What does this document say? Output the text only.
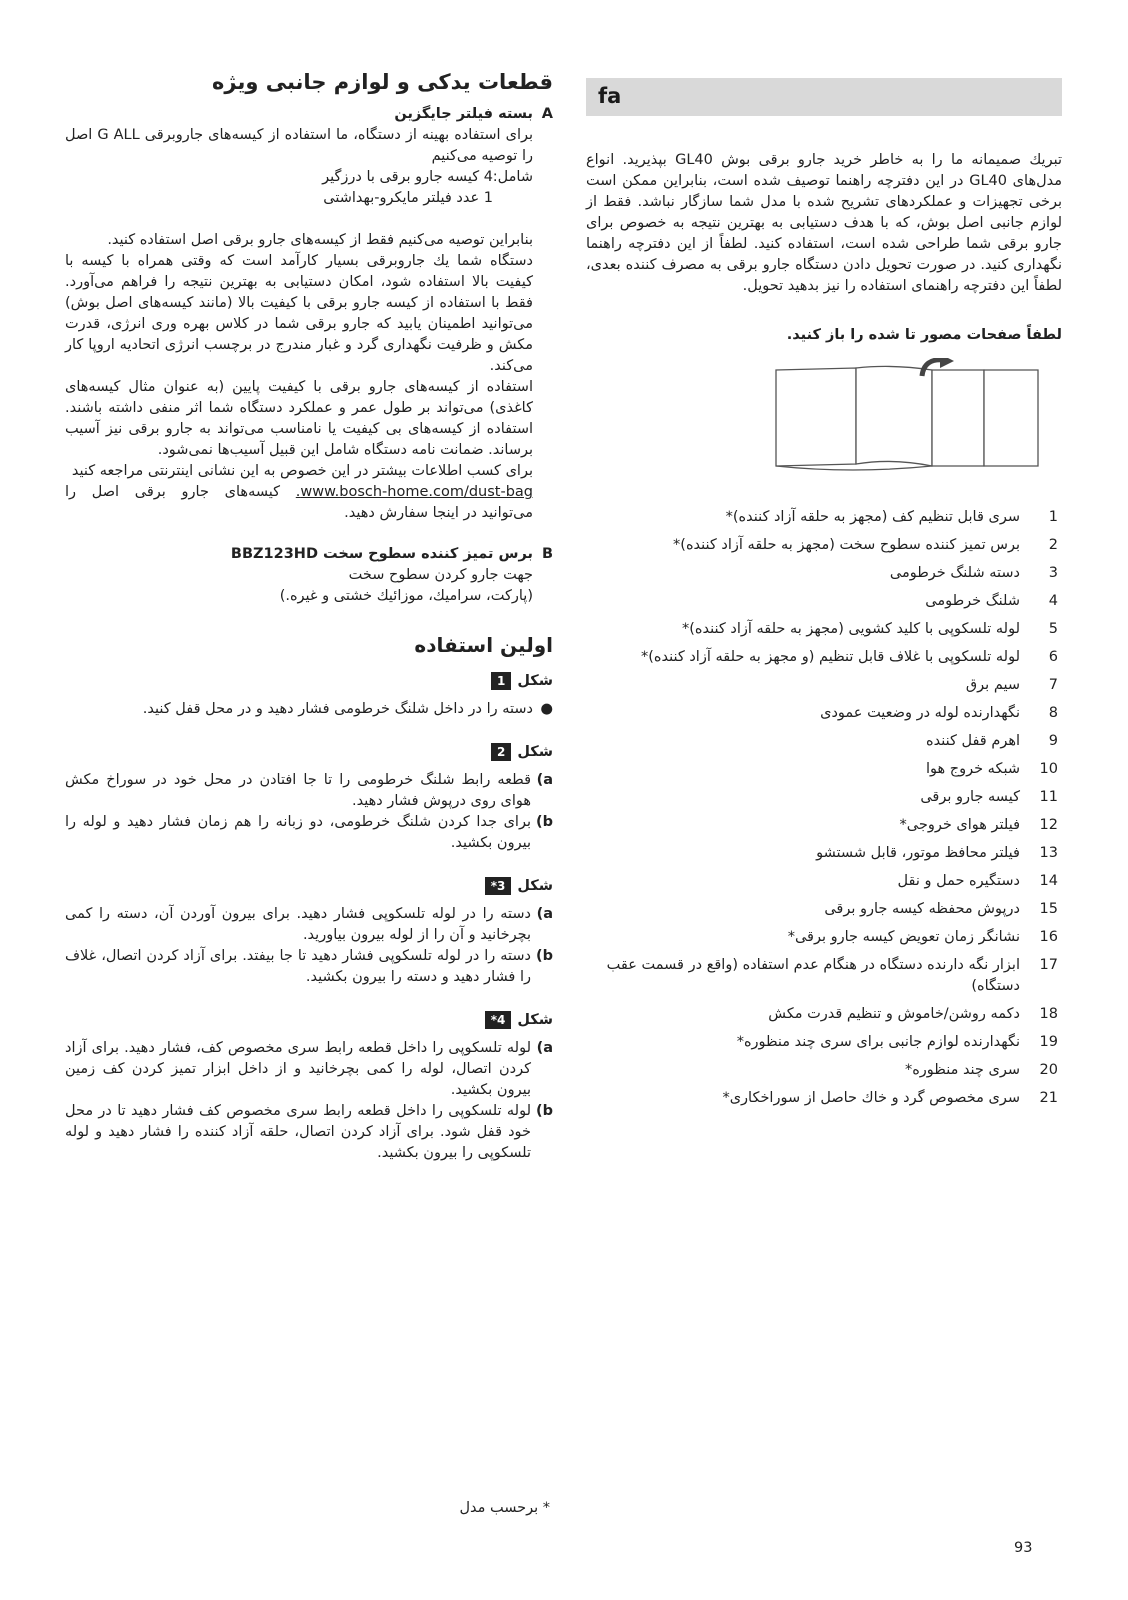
fa

تبريك صميمانه ما را به خاطر خريد جارو برقى بوش GL40 بپذيريد. انواع مدل‌های GL40 در اين دفترچه راهنما توصيف شده است، بنابراين ممكن است برخى تجهيزات و عملكردهای تشريح شده با مدل شما سازگار نباشد. فقط از لوازم جانبى اصل بوش، كه با هدف دستيابى به بهترين نتيجه به خصوص برای جارو برقى شما طراحى شده است، استفاده كنيد. لطفاً از اين دفترچه راهنما نگهداری كنيد. در صورت تحويل دادن دستگاه جارو برقى به مصرف كننده بعدی، لطفاً اين دفترچه راهنمای استفاده را نيز بدهيد تحويل.

لطفاً صفحات مصور تا شده را باز كنيد.

1
سرى قابل تنظيم كف (مجهز به حلقه آزاد كننده)*
2
برس تميز كننده سطوح سخت (مجهز به حلقه آزاد كننده)*
3
دسته شلنگ خرطومى
4
شلنگ خرطومى
5
لوله تلسكوپى با كليد كشويى (مجهز به حلقه آزاد كننده)*
6
لوله تلسكوپى با غلاف قابل تنظيم (و مجهز به حلقه آزاد كننده)*
7
سيم برق
8
نگهدارنده لوله در وضعيت عمودى
9
اهرم قفل كننده
10
شبكه خروج هوا
11
كيسه جارو برقى
12
فيلتر هوای خروجى*
13
فيلتر محافظ موتور، قابل شستشو
14
دستگيره حمل و نقل
15
درپوش محفظه كيسه جارو برقى
16
نشانگر زمان تعويض كيسه جارو برقى*
17
ابزار نگه دارنده دستگاه در هنگام عدم استفاده (واقع در قسمت عقب دستگاه)
18
دكمه روشن/خاموش و تنظيم قدرت مكش
19
نگهدارنده لوازم جانبى برای سرى چند منظوره*
20
سرى چند منظوره*
21
سرى مخصوص گرد و خاك حاصل از سوراخكاری*
قطعات يدكى و لوازم جانبى ويژه
Aبسته فيلتر جايگزين

برای استفاده بهينه از دستگاه، ما استفاده از كيسه‌های جاروبرقى G ALL اصل را توصيه مى‌كنيم

شامل:
4 كيسه جارو برقى با درزگير
1 عدد فيلتر مايكرو-بهداشتى

بنابراين توصيه مى‌كنيم فقط از كيسه‌های جارو برقى اصل استفاده كنيد.

دستگاه شما يك جاروبرقى بسيار كارآمد است كه وقتى همراه با كيسه با كيفيت بالا استفاده شود، امكان دستيابى به بهترين نتيجه را فراهم مى‌آورد. فقط با استفاده از كيسه جارو برقى با كيفيت بالا (مانند كيسه‌های اصل بوش) مى‌توانيد اطمينان يابيد كه جارو برقى شما در كلاس بهره وری انرژی، قدرت مكش و ظرفيت نگهداری گرد و غبار مندرج در برچسب انرژی اتحاديه اروپا كار مى‌كند.

استفاده از كيسه‌های جارو برقى با كيفيت پايين (به عنوان مثال كيسه‌های كاغذی) مى‌تواند بر طول عمر و عملكرد دستگاه شما اثر منفى داشته باشند. استفاده از كيسه‌های بى كيفيت يا نامناسب مى‌تواند به جارو برقى نيز آسيب برساند. ضمانت نامه دستگاه شامل اين قبيل آسيب‌ها نمى‌شود.

برای كسب اطلاعات بيشتر در اين خصوص به اين نشانى اينترنتى مراجعه كنيد

www.bosch-home.com/dust-bag. كيسه‌های جارو برقى اصل را مى‌توانيد در اينجا سفارش دهيد.

Bبرس تميز كننده سطوح سخت BBZ123HD

جهت جارو كردن سطوح سخت

(پاركت، سراميك، موزائيك خشتى و غيره.)

اولين استفاده
شكل
1
●
دسته را در داخل شلنگ خرطومى فشار دهيد و در محل قفل كنيد.
شكل
2
a)
قطعه رابط شلنگ خرطومى را تا جا افتادن در محل خود در سوراخ مكش هوای روی درپوش فشار دهيد.
b)
برای جدا كردن شلنگ خرطومى، دو زبانه را هم زمان فشار دهيد و لوله را بيرون بكشيد.
شكل
3*
a)
دسته را در لوله تلسكوپى فشار دهيد. برای بيرون آوردن آن، دسته را كمى بچرخانيد و آن را از لوله بيرون بياوريد.
b)
دسته را در لوله تلسكوپى فشار دهيد تا جا بيفتد. برای آزاد كردن اتصال، غلاف را فشار دهيد و دسته را بيرون بكشيد.
شكل
4*
a)
لوله تلسكوپى را داخل قطعه رابط سری مخصوص كف، فشار دهيد. برای آزاد كردن اتصال، لوله را كمى بچرخانيد و از داخل ابزار تميز كردن كف زمين بيرون بكشيد.
b)
لوله تلسكوپى را داخل قطعه رابط سری مخصوص كف فشار دهيد تا در محل خود قفل شود. برای آزاد كردن اتصال، حلقه آزاد كننده را فشار دهيد و لوله تلسكوپى را بيرون بكشيد.
* برحسب مدل
93
